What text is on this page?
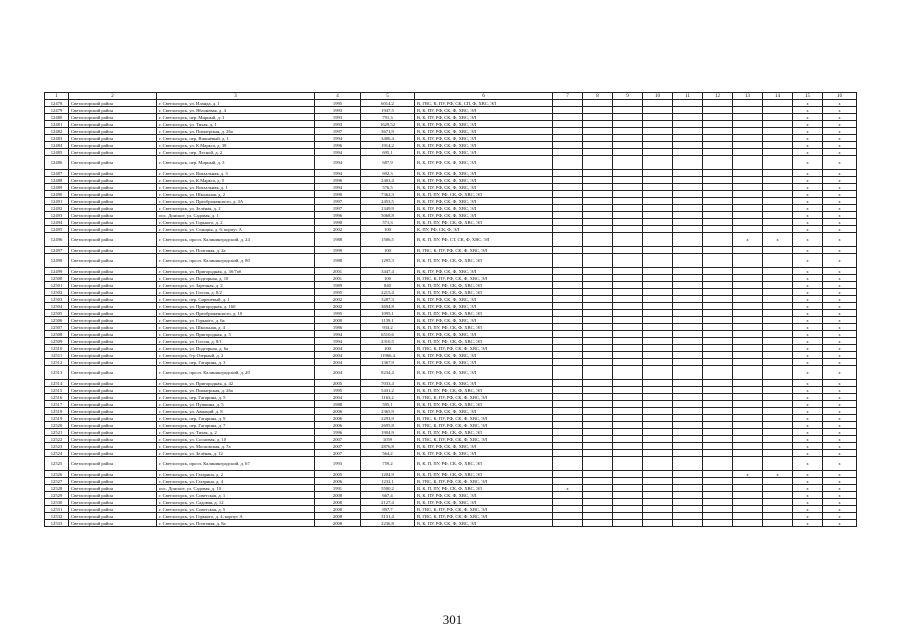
1	2	3	4	5	6	7	8	9	10	11	12	13	14	15	16
12478	Светлогорский район	г. Светлогорск, ул. Иланда, д. 1	1995	6014,2	В, ГВС, К, ПУ, РФ, СК, СП, Ф, ХВС, ЭЛ									х	х
12479	Светлогорский район	г. Светлогорск, ул. Яблоневая, д. 4	1993	1947,5	В, К, ПУ, РФ, СК, Ф, ХВС, ЭЛ									х	х
12480	Светлогорский район	г. Светлогорск, пер. Мирный, д. 1	1993	791,3	В, К, ПУ, РФ, СК, Ф, ХВС, ЭЛ									х	х
12481	Светлогорский район	г. Светлогорск, ул. Тихая, д. 1	1993	1629,52	В, К, ПУ, РФ, СК, Ф, ХВС, ЭЛ									х	х
12482	Светлогорский район	г. Светлогорск, ул. Пионерская, д. 26а	1997	3671,9	В, К, ПУ, РФ, СК, Ф, ХВС, ЭЛ									х	х
12483	Светлогорский район	г. Светлогорск, пер. Вишнёвый, д. 1	1994	3406,4	В, К, ПУ, РФ, СК, Ф, ХВС, ЭЛ									х	х
12484	Светлогорский район	г. Светлогорск, ул. К.Маркса, д. 38	1996	1914,2	В, К, ПУ, РФ, СК, Ф, ХВС, ЭЛ									х	х
12485	Светлогорский район	г. Светлогорск, пер. Лесной, д. 2	1994	695,1	В, К, ПУ, РФ, СК, Ф, ХВС, ЭЛ									х	х
12486	Светлогорский район	г. Светлогорск, пер. Мирный, д. 3	1994	687,9	В, К, ПУ, РФ, СК, Ф, ХВС, ЭЛ									х	х
12487	Светлогорский район	г. Светлогорск, ул. Вокзальная, д. 3	1994	692,3	В, К, ПУ, РФ, СК, Ф, ХВС, ЭЛ									х	х
12488	Светлогорский район	г. Светлогорск, ул. К.Маркса, д. 5	1996	2403,4	В, К, ПУ, РФ, СК, Ф, ХВС, ЭЛ									х	х
12489	Светлогорский район	г. Светлогорск, ул. Вокзальная, д. 1	1994	576,5	В, К, ПУ, РФ, СК, Ф, ХВС, ЭЛ									х	х
12490	Светлогорский район	г. Светлогорск, ул. Школьная, д. 2	1990	7362,3	В, К, П, ПУ, РФ, СК, Ф, ХВС, ЭЛ									х	х
12491	Светлогорский район	г. Светлогорск, ул. Преображенского, д. 3А	1997	2453,5	В, К, ПУ, РФ, СК, Ф, ХВС, ЭЛ									х	х
12492	Светлогорский район	г. Светлогорск, ул. Зелёная, д. 2	1997	1349,9	В, К, ПУ, РФ, СК, Ф, ХВС, ЭЛ									х	х
12493	Светлогорский район	пос. Донское, ул. Садовая, д. 1	1996	5068,8	В, К, ПУ, РФ, СК, Ф, ХВС, ЭЛ									х	х
12494	Светлогорский район	г. Светлогорск, ул. Горького, д. 2	1990	571,3	В, К, П, ПУ, РФ, СК, Ф, ХВС, ЭЛ									х	х
12495	Светлогорский район	г. Светлогорск, ул. Станция, д. 6, корпус А	2002	100	К, ПУ, РФ, СК, Ф, ЭЛ									х	х
12496	Светлогорский район	г. Светлогорск, просп. Калининградский, д. 24	1988	1506,5	В, К, П, ПУ, РФ, СТ, СК, Ф, ХВС, ЭЛ							х	х	х	х
12497	Светлогорский район	г. Светлогорск, ул. Почтовая, д. 2а	1999	100	В, ГВС, К, ПУ, РФ, СК, Ф, ХВС, ЭЛ									х	х
12498	Светлогорский район	г. Светлогорск, просп. Калининградский, д. 80	1988	1295,3	В, К, П, ПУ, РФ, СК, Ф, ХВС, ЭЛ									х	х
12499	Светлогорский район	г. Светлогорск, ул. Пригородная, д. 3б/7аб	2001	3447,4	В, К, ПУ, РФ, СК, Ф, ХВС, ЭЛ									х	х
12500	Светлогорский район	г. Светлогорск, ул. Подгорная, д. 10	2001	100	В, ГВС, К, ПУ, РФ, СК, Ф, ХВС, ЭЛ									х	х
12501	Светлогорский район	г. Светлогорск, ул. Заречная, д. 2	1989	840	В, К, П, ПУ, РФ, СК, Ф, ХВС, ЭЛ									х	х
12502	Светлогорский район	г. Светлогорск, ул. Гоголя, д. 8/2	1995	2215,4	В, К, П, ПУ, РФ, СК, Ф, ХВС, ЭЛ									х	х
12503	Светлогорский район	г. Светлогорск, пер. Сиреневый, д. 1	2002	3287,3	В, К, ПУ, РФ, СК, Ф, ХВС, ЭЛ									х	х
12504	Светлогорский район	г. Светлогорск, ул. Пригородная, д. 160	2002	3694,8	В, К, ПУ, РФ, СК, Ф, ХВС, ЭЛ									х	х
12505	Светлогорский район	г. Светлогорск, ул. Преображенского, д. 10	1995	1095,1	В, К, П, ПУ, РФ, СК, Ф, ХВС, ЭЛ									х	х
12506	Светлогорский район	г. Светлогорск, ул. Горького, д. 6а	2000	1139,1	В, К, ПУ, РФ, СК, Ф, ХВС, ЭЛ									х	х
12507	Светлогорский район	г. Светлогорск, ул. Школьная, д. 4	1986	933,2	В, К, П, ПУ, РФ, СК, Ф, ХВС, ЭЛ									х	х
12508	Светлогорский район	г. Светлогорск, ул. Пригородная, д. 5	1994	6510,6	В, К, ПУ, РФ, СК, Ф, ХВС, ЭЛ									х	х
12509	Светлогорский район	г. Светлогорск, ул. Гоголя, д. 8/1	1994	2310,5	В, К, П, ПУ, РФ, СК, Ф, ХВС, ЭЛ									х	х
12510	Светлогорский район	г. Светлогорск, ул. Подгорная, д. 6а	2004	100	В, ГВС, К, ПУ, РФ, СК, Ф, ХВС, ЭЛ									х	х
12511	Светлогорский район	г. Светлогорск, б-р Озерный, д. 2	2004	11966,4	В, К, ПУ, РФ, СК, Ф, ХВС, ЭЛ									х	х
12512	Светлогорский район	г. Светлогорск, пер. Гагарина, д. 3	2004	1367,9	В, К, ПУ, РФ, СК, Ф, ХВС, ЭЛ									х	х
12513	Светлогорский район	г. Светлогорск, просп. Калининградский, д. 20	2004	8234,4	В, К, ПУ, РФ, СК, Ф, ХВС, ЭЛ									х	х
12514	Светлогорский район	г. Светлогорск, ул. Пригородная, д. 42	2005	7033,4	В, К, ПУ, РФ, СК, Ф, ХВС, ЭЛ									х	х
12515	Светлогорский район	г. Светлогорск, ул. Пионерская, д. 26а	1995	5431,2	В, К, П, ПУ, РФ, СК, Ф, ХВС, ЭЛ									х	х
12516	Светлогорский район	г. Светлогорск, пер. Гагарина, д. 5	2004	1163,2	В, ГВС, К, ПУ, РФ, СК, Ф, ХВС, ЭЛ									х	х
12517	Светлогорский район	г. Светлогорск, ул. Пушкина, д. 5	1988	595,1	В, К, П, ПУ, РФ, СК, Ф, ХВС, ЭЛ									х	х
12518	Светлогорский район	г. Светлогорск, ул. Авиаций, д. 8	2006	2365,9	В, К, ПУ, РФ, СК, Ф, ХВС, ЭЛ									х	х
12519	Светлогорский район	г. Светлогорск, пер. Гагарина, д. 9	2006	2293,9	В, ГВС, К, ПУ, РФ, СК, Ф, ХВС, ЭЛ									х	х
12520	Светлогорский район	г. Светлогорск, пер. Гагарина, д. 7	2006	2695,8	В, ГВС, К, ПУ, РФ, СК, Ф, ХВС, ЭЛ									х	х
12521	Светлогорский район	г. Светлогорск, ул. Тихая, д. 2	1996	1904,9	В, К, П, ПУ, РФ, СК, Ф, ХВС, ЭЛ									х	х
12522	Светлогорский район	г. Светлогорск, ул. Сосновая, д. 10	2007	1059	В, ГВС, К, ПУ, РФ, СК, Ф, ХВС, ЭЛ									х	х
12523	Светлогорский район	г. Светлогорск, ул. Московская, д. 7а	2007	2876,8	В, К, ПУ, РФ, СК, Ф, ХВС, ЭЛ									х	х
12524	Светлогорский район	г. Светлогорск, ул. Зелёная, д. 12	2007	564,2	В, К, ПУ, РФ, СК, Ф, ХВС, ЭЛ									х	х
12525	Светлогорский район	г. Светлогорск, просп. Калининградский, д. 67	1993	759,2	В, К, П, ПУ, РФ, СК, Ф, ХВС, ЭЛ									х	х
12526	Светлогорский район	г. Светлогорск, ул. Гагарина, д. 2	2005	1204,9	В, К, П, ПУ, РФ, СК, Ф, ХВС, ЭЛ							х	х	х	х
12527	Светлогорский район	г. Светлогорск, ул. Гагарина, д. 4	2006	1232,1	В, ГВС, К, ПУ, РФ, СК, Ф, ХВС, ЭЛ									х	х
12528	Светлогорский район	пос. Донское, ул. Садовая, д. 10	1991	5500,2	В, К, П, ПУ, РФ, СК, Ф, ХВС, ЭЛ	х								х	х
12529	Светлогорский район	г. Светлогорск, ул. Советская, д. 1	2008	667,4	В, К, ПУ, РФ, СК, Ф, ХВС, ЭЛ									х	х
12530	Светлогорский район	г. Светлогорск, ул. Садовая, д. 12	2008	2127,4	В, К, ПУ, РФ, СК, Ф, ХВС, ЭЛ									х	х
12531	Светлогорский район	г. Светлогорск, ул. Советская, д. 5	2008	897,7	В, ГВС, К, ПУ, РФ, СК, Ф, ХВС, ЭЛ									х	х
12532	Светлогорский район	г. Светлогорск, ул. Горького, д. 4, корпус А	2008	3131,4	В, ГВС, К, ПУ, РФ, СК, Ф, ХВС, ЭЛ									х	х
12533	Светлогорский район	г. Светлогорск, ул. Почтовая, д. 8а	2008	2236,8	В, К, ПУ, РФ, СК, Ф, ХВС, ЭЛ									х	х
301
